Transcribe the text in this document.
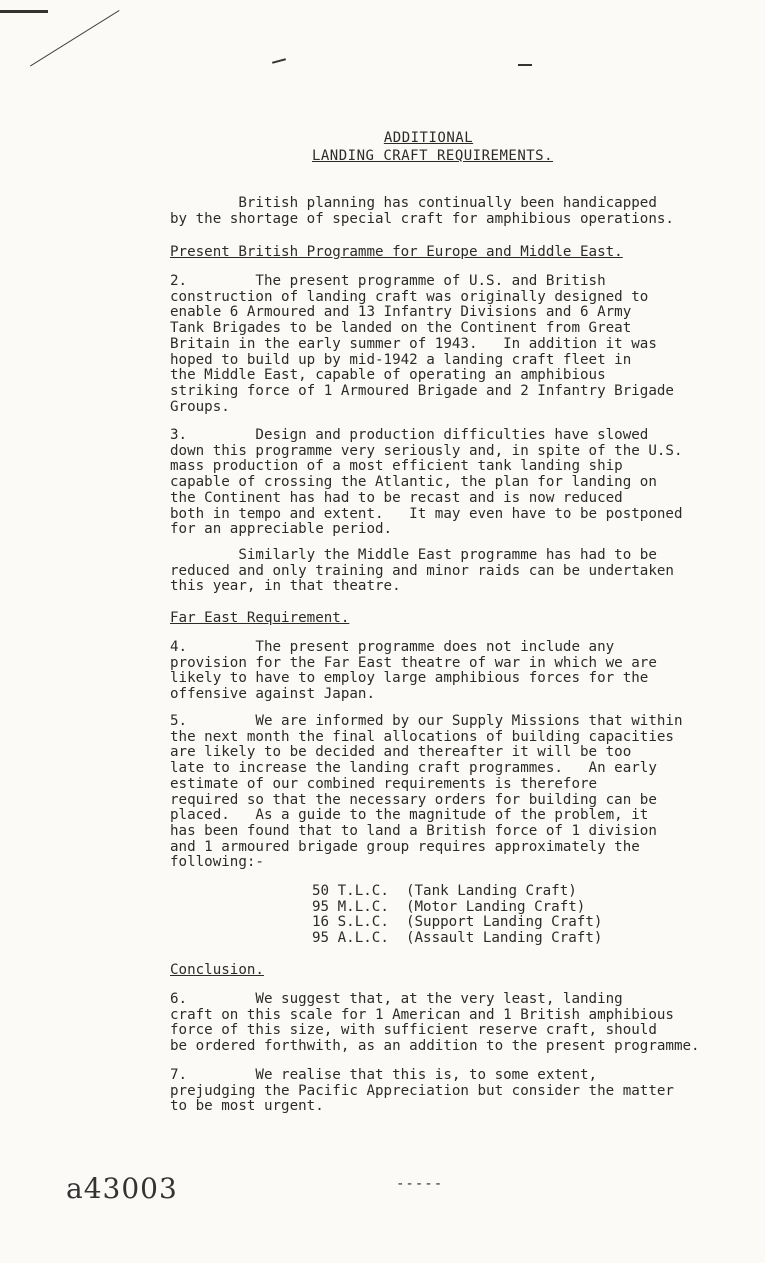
ADDITIONAL
LANDING CRAFT REQUIREMENTS.
British planning has continually been handicapped
by the shortage of special craft for amphibious operations.
Present British Programme for Europe and Middle East.
2.        The present programme of U.S. and British
construction of landing craft was originally designed to
enable 6 Armoured and 13 Infantry Divisions and 6 Army
Tank Brigades to be landed on the Continent from Great
Britain in the early summer of 1943.   In addition it was
hoped to build up by mid-1942 a landing craft fleet in
the Middle East, capable of operating an amphibious
striking force of 1 Armoured Brigade and 2 Infantry Brigade
Groups.
3.        Design and production difficulties have slowed
down this programme very seriously and, in spite of the U.S.
mass production of a most efficient tank landing ship
capable of crossing the Atlantic, the plan for landing on
the Continent has had to be recast and is now reduced
both in tempo and extent.   It may even have to be postponed
for an appreciable period.
Similarly the Middle East programme has had to be
reduced and only training and minor raids can be undertaken
this year, in that theatre.
Far East Requirement.
4.        The present programme does not include any
provision for the Far East theatre of war in which we are
likely to have to employ large amphibious forces for the
offensive against Japan.
5.        We are informed by our Supply Missions that within
the next month the final allocations of building capacities
are likely to be decided and thereafter it will be too
late to increase the landing craft programmes.   An early
estimate of our combined requirements is therefore
required so that the necessary orders for building can be
placed.   As a guide to the magnitude of the problem, it
has been found that to land a British force of 1 division
and 1 armoured brigade group requires approximately the
following:-
50 T.L.C.  (Tank Landing Craft)
95 M.L.C.  (Motor Landing Craft)
16 S.L.C.  (Support Landing Craft)
95 A.L.C.  (Assault Landing Craft)
Conclusion.
6.        We suggest that, at the very least, landing
craft on this scale for 1 American and 1 British amphibious
force of this size, with sufficient reserve craft, should
be ordered forthwith, as an addition to the present programme.
7.        We realise that this is, to some extent,
prejudging the Pacific Appreciation but consider the matter
to be most urgent.
-----
a43003
